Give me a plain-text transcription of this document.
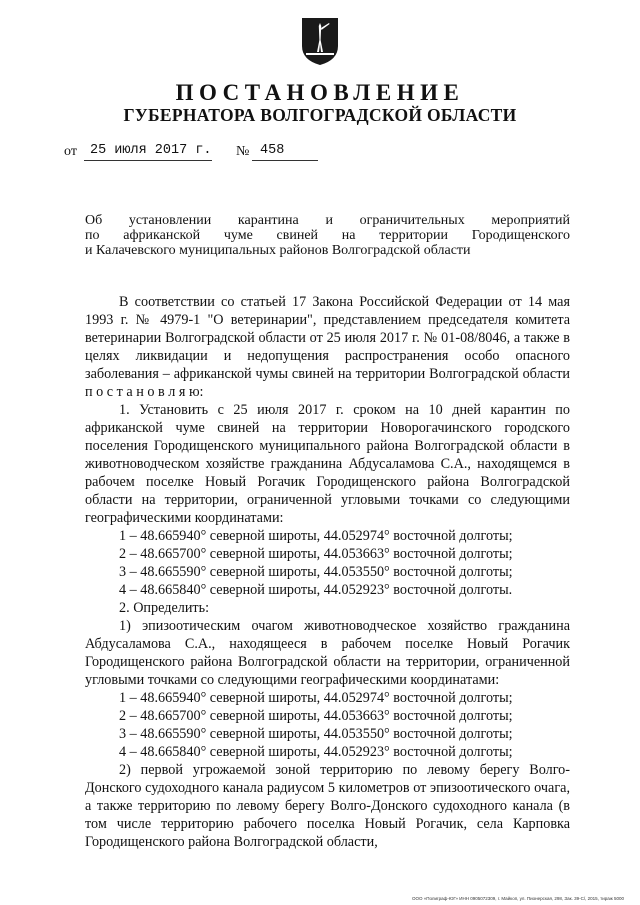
ПОСТАНОВЛЕНИЕ
ГУБЕРНАТОРА ВОЛГОГРАДСКОЙ ОБЛАСТИ
от 25 июля 2017 г. № 458
Об установлении карантина и ограничительных мероприятий
по африканской чуме свиней на территории Городищенского
и Калачевского муниципальных районов Волгоградской области

В соответствии со статьей 17 Закона Российской Федерации от 14 мая 1993 г. № 4979-1 "О ветеринарии", представлением председателя комитета ветеринарии Волгоградской области от 25 июля 2017 г. № 01-08/8046, а также в целях ликвидации и недопущения распространения особо опасного заболевания – африканской чумы свиней на территории Волгоградской области п о с т а н о в л я ю:

1. Установить с 25 июля 2017 г. сроком на 10 дней карантин по африканской чуме свиней на территории Новорогачинского городского поселения Городищенского муниципального района Волгоградской области в животноводческом хозяйстве гражданина Абдусаламова С.А., находящемся в рабочем поселке Новый Рогачик Городищенского района Волгоградской области на территории, ограниченной угловыми точками со следующими географическими координатами:

1 – 48.665940° северной широты, 44.052974° восточной долготы;

2 – 48.665700° северной широты, 44.053663° восточной долготы;

3 – 48.665590° северной широты, 44.053550° восточной долготы;

4 – 48.665840° северной широты, 44.052923° восточной долготы.

2. Определить:

1) эпизоотическим очагом животноводческое хозяйство гражданина Абдусаламова С.А., находящееся в рабочем поселке Новый Рогачик Городищенского района Волгоградской области на территории, ограниченной угловыми точками со следующими географическими координатами:

1 – 48.665940° северной широты, 44.052974° восточной долготы;

2 – 48.665700° северной широты, 44.053663° восточной долготы;

3 – 48.665590° северной широты, 44.053550° восточной долготы;

4 – 48.665840° северной широты, 44.052923° восточной долготы;

2) первой угрожаемой зоной территорию по левому берегу Волго-Донского судоходного канала радиусом 5 километров от эпизоотического очага, а также территорию по левому берегу Волго-Донского судоходного канала (в том числе территорию рабочего поселка Новый Рогачик, села Карповка Городищенского района Волгоградской области,

ООО «Полиграф-ЮГ» ИНН 0905072309, г. Майкоп, ул. Пионерская, 298, Зак. 39-С/, 2015, тираж 5000
